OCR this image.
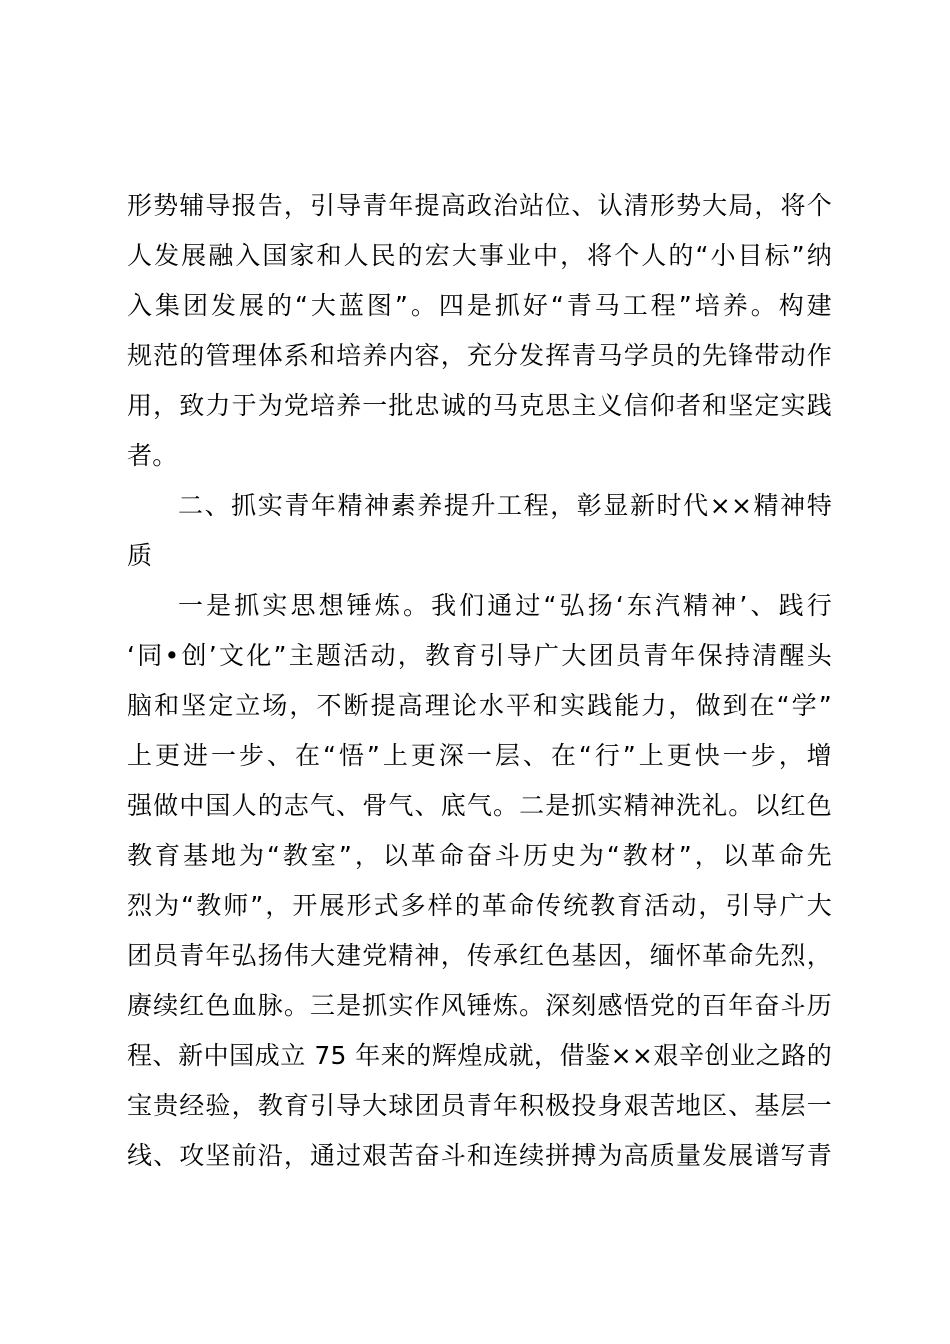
形势辅导报告，引导青年提高政治站位、认清形势大局，将个
人发展融入国家和人民的宏大事业中，将个人的“小目标”纳
入集团发展的“大蓝图”。四是抓好“青马工程”培养。构建
规范的管理体系和培养内容，充分发挥青马学员的先锋带动作
用，致力于为党培养一批忠诚的马克思主义信仰者和坚定实践
者。
二、抓实青年精神素养提升工程，彰显新时代××精神特
质
一是抓实思想锤炼。我们通过“弘扬‘东汽精神’、践行
‘同•创’文化”主题活动，教育引导广大团员青年保持清醒头
脑和坚定立场，不断提高理论水平和实践能力，做到在“学”
上更进一步、在“悟”上更深一层、在“行”上更快一步，增
强做中国人的志气、骨气、底气。二是抓实精神洗礼。以红色
教育基地为“教室”，以革命奋斗历史为“教材”，以革命先
烈为“教师”，开展形式多样的革命传统教育活动，引导广大
团员青年弘扬伟大建党精神，传承红色基因，缅怀革命先烈，
赓续红色血脉。三是抓实作风锤炼。深刻感悟党的百年奋斗历
程、新中国成立 75 年来的辉煌成就，借鉴××艰辛创业之路的
宝贵经验，教育引导大球团员青年积极投身艰苦地区、基层一
线、攻坚前沿，通过艰苦奋斗和连续拼搏为高质量发展谱写青
